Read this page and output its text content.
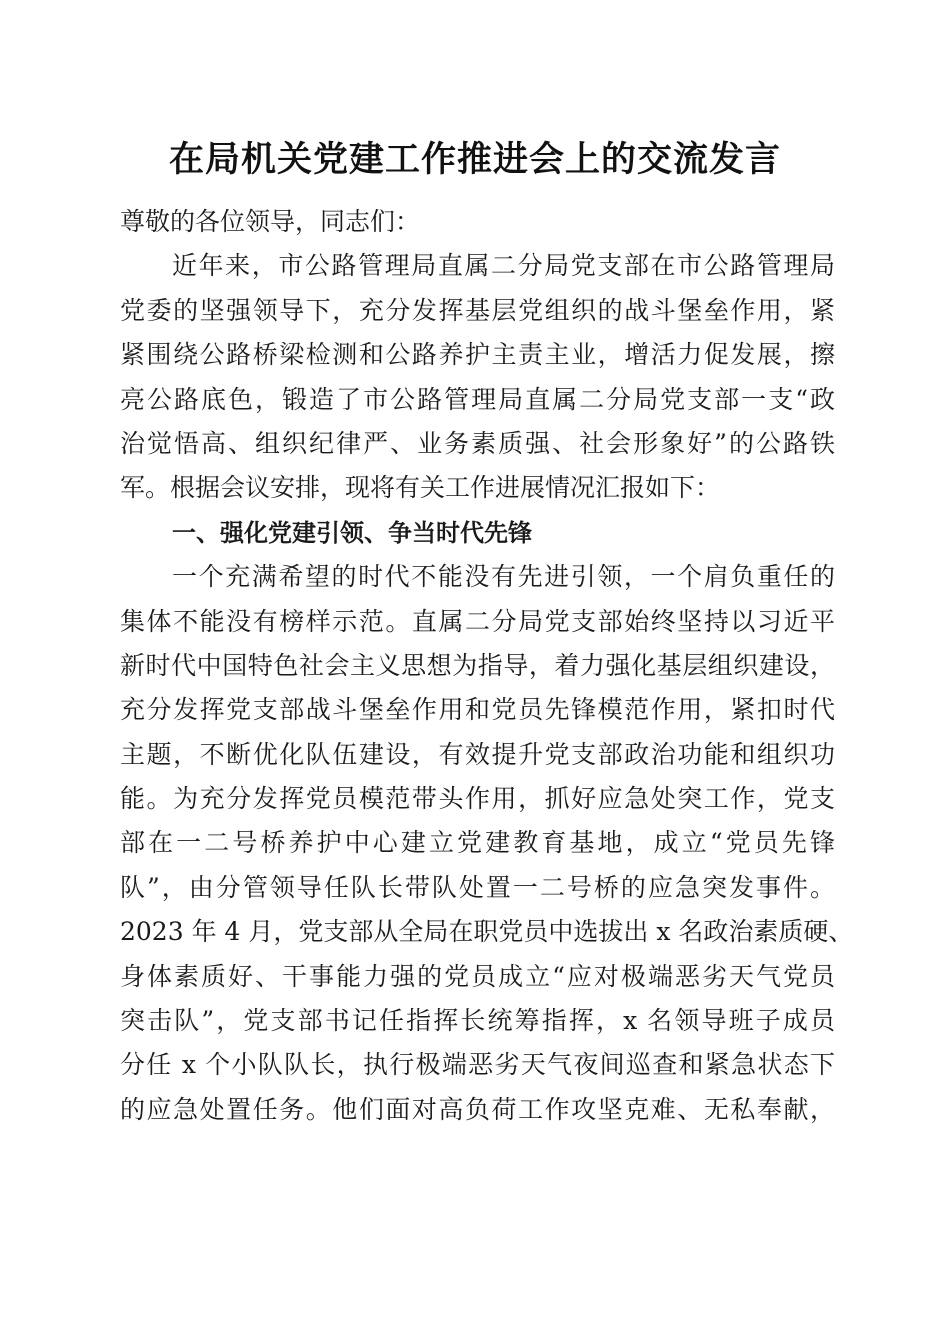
在局机关党建工作推进会上的交流发言
尊敬的各位领导，同志们：
近年来，市公路管理局直属二分局党支部在市公路管理局
党委的坚强领导下，充分发挥基层党组织的战斗堡垒作用，紧
紧围绕公路桥梁检测和公路养护主责主业，增活力促发展，擦
亮公路底色，锻造了市公路管理局直属二分局党支部一支“政
治觉悟高、组织纪律严、业务素质强、社会形象好”的公路铁
军。根据会议安排，现将有关工作进展情况汇报如下：
一、强化党建引领、争当时代先锋
一个充满希望的时代不能没有先进引领，一个肩负重任的
集体不能没有榜样示范。直属二分局党支部始终坚持以习近平
新时代中国特色社会主义思想为指导，着力强化基层组织建设，
充分发挥党支部战斗堡垒作用和党员先锋模范作用，紧扣时代
主题，不断优化队伍建设，有效提升党支部政治功能和组织功
能。为充分发挥党员模范带头作用，抓好应急处突工作，党支
部在一二号桥养护中心建立党建教育基地，成立“党员先锋
队”，由分管领导任队长带队处置一二号桥的应急突发事件。
2023 年 4 月，党支部从全局在职党员中选拔出 x 名政治素质硬、
身体素质好、干事能力强的党员成立“应对极端恶劣天气党员
突击队”，党支部书记任指挥长统筹指挥，x 名领导班子成员
分任 x 个小队队长，执行极端恶劣天气夜间巡查和紧急状态下
的应急处置任务。他们面对高负荷工作攻坚克难、无私奉献，
